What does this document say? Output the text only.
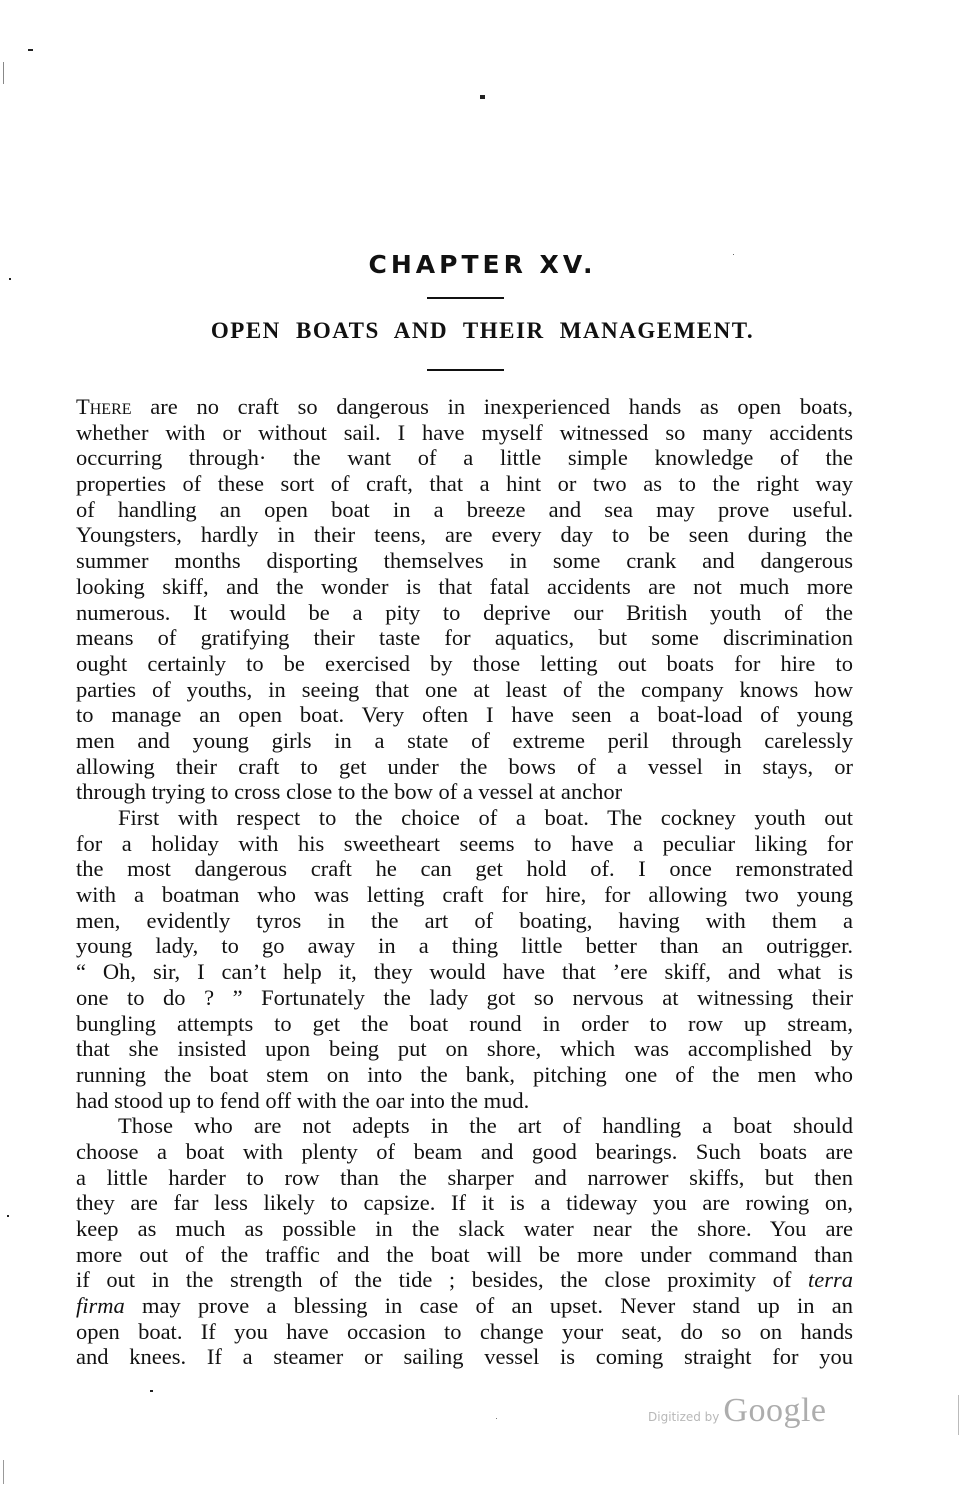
CHAPTER XV.
OPEN BOATS AND THEIR MANAGEMENT.
There are no craft so dangerous in inexperienced hands as open boats,
whether with or without sail. I have myself witnessed so many accidents
occurring through· the want of a little simple knowledge of the
properties of these sort of craft, that a hint or two as to the right way
of handling an open boat in a breeze and sea may prove useful.
Youngsters, hardly in their teens, are every day to be seen during the
summer months disporting themselves in some crank and dangerous
looking skiff, and the wonder is that fatal accidents are not much more
numerous. It would be a pity to deprive our British youth of the
means of gratifying their taste for aquatics, but some discrimination
ought certainly to be exercised by those letting out boats for hire to
parties of youths, in seeing that one at least of the company knows how
to manage an open boat. Very often I have seen a boat-load of young
men and young girls in a state of extreme peril through carelessly
allowing their craft to get under the bows of a vessel in stays, or
through trying to cross close to the bow of a vessel at anchor
First with respect to the choice of a boat. The cockney youth out
for a holiday with his sweetheart seems to have a peculiar liking for
the most dangerous craft he can get hold of. I once remonstrated
with a boatman who was letting craft for hire, for allowing two young
men, evidently tyros in the art of boating, having with them a
young lady, to go away in a thing little better than an outrigger.
“ Oh, sir, I can’t help it, they would have that ’ere skiff, and what is
one to do ? ” Fortunately the lady got so nervous at witnessing their
bungling attempts to get the boat round in order to row up stream,
that she insisted upon being put on shore, which was accomplished by
running the boat stem on into the bank, pitching one of the men who
had stood up to fend off with the oar into the mud.
Those who are not adepts in the art of handling a boat should
choose a boat with plenty of beam and good bearings. Such boats are
a little harder to row than the sharper and narrower skiffs, but then
they are far less likely to capsize. If it is a tideway you are rowing on,
keep as much as possible in the slack water near the shore. You are
more out of the traffic and the boat will be more under command than
if out in the strength of the tide ; besides, the close proximity of terra
firma may prove a blessing in case of an upset. Never stand up in an
open boat. If you have occasion to change your seat, do so on hands
and knees. If a steamer or sailing vessel is coming straight for you
Digitized by Google
